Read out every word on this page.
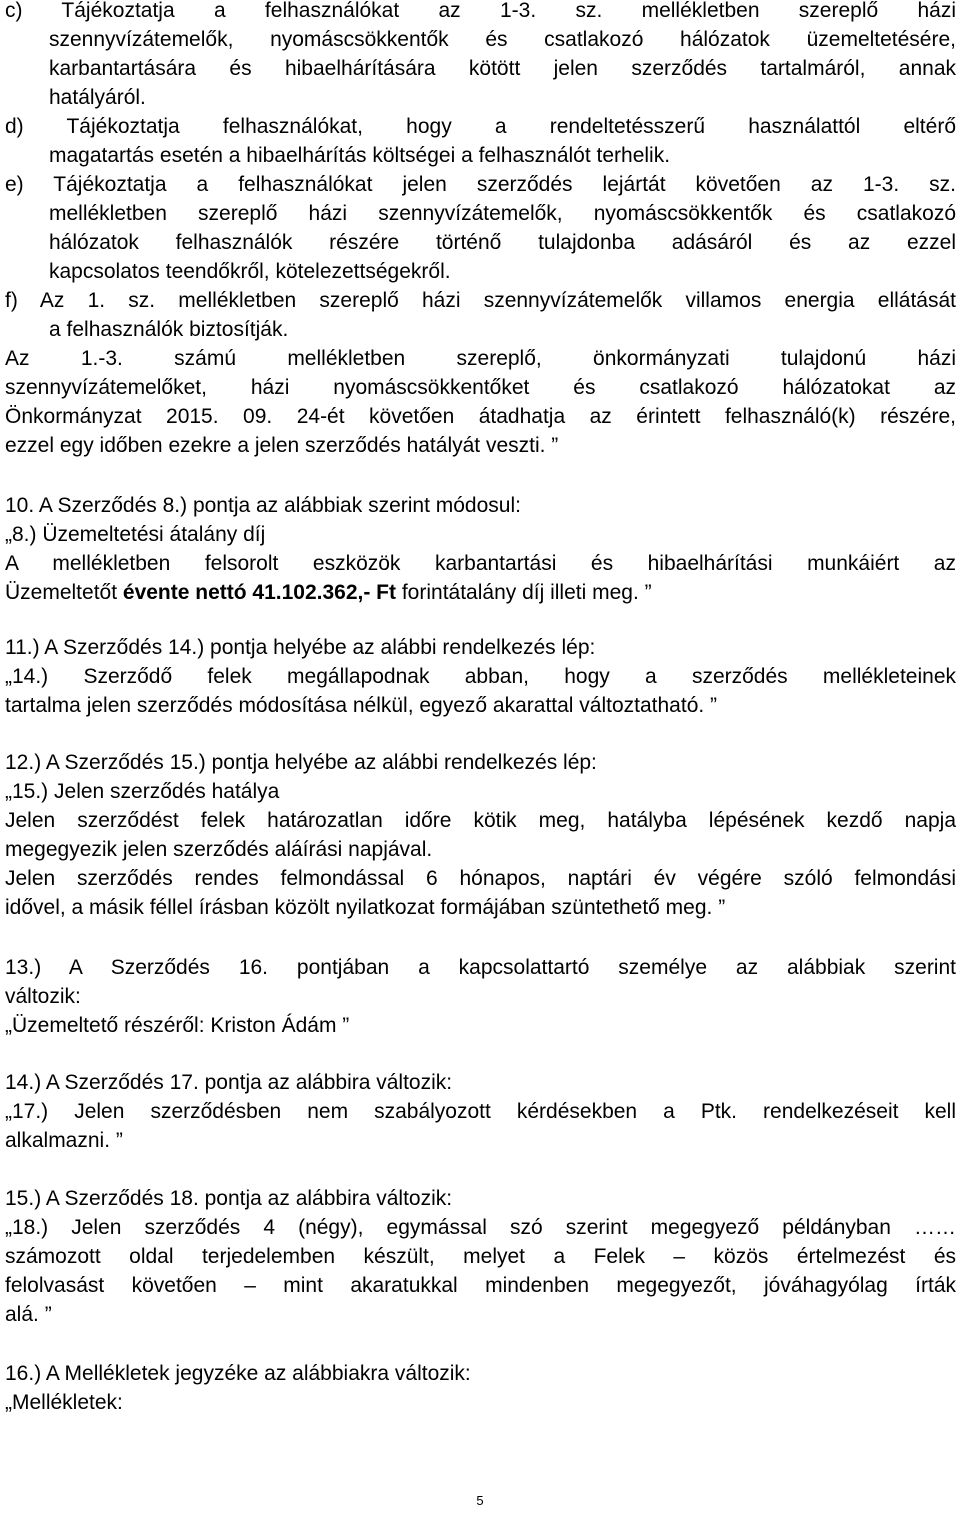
c) Tájékoztatja a felhasználókat az 1-3. sz. mellékletben szereplő házi
szennyvízátemelők, nyomáscsökkentők és csatlakozó hálózatok üzemeltetésére,
karbantartására és hibaelhárítására kötött jelen szerződés tartalmáról, annak
hatályáról.
d) Tájékoztatja felhasználókat, hogy a rendeltetésszerű használattól eltérő
magatartás esetén a hibaelhárítás költségei a felhasználót terhelik.
e) Tájékoztatja a felhasználókat jelen szerződés lejártát követően az 1-3. sz.
mellékletben szereplő házi szennyvízátemelők, nyomáscsökkentők és csatlakozó
hálózatok felhasználók részére történő tulajdonba adásáról és az ezzel
kapcsolatos teendőkről, kötelezettségekről.
f) Az 1. sz. mellékletben szereplő házi szennyvízátemelők villamos energia ellátását
a felhasználók biztosítják.
Az 1.-3. számú mellékletben szereplő, önkormányzati tulajdonú házi
szennyvízátemelőket, házi nyomáscsökkentőket és csatlakozó hálózatokat az
Önkormányzat 2015. 09. 24-ét követően átadhatja az érintett felhasználó(k) részére,
ezzel egy időben ezekre a jelen szerződés hatályát veszti. ”
10. A Szerződés 8.) pontja az alábbiak szerint módosul:
„8.) Üzemeltetési átalány díj
A mellékletben felsorolt eszközök karbantartási és hibaelhárítási munkáiért az
Üzemeltetőt évente nettó 41.102.362,- Ft forintátalány díj illeti meg. ”
11.) A Szerződés 14.) pontja helyébe az alábbi rendelkezés lép:
„14.) Szerződő felek megállapodnak abban, hogy a szerződés mellékleteinek
tartalma jelen szerződés módosítása nélkül, egyező akarattal változtatható. ”
12.) A Szerződés 15.) pontja helyébe az alábbi rendelkezés lép:
„15.) Jelen szerződés hatálya
Jelen szerződést felek határozatlan időre kötik meg, hatályba lépésének kezdő napja
megegyezik jelen szerződés aláírási napjával.
Jelen szerződés rendes felmondással 6 hónapos, naptári év végére szóló felmondási
idővel, a másik féllel írásban közölt nyilatkozat formájában szüntethető meg. ”
13.) A Szerződés 16. pontjában a kapcsolattartó személye az alábbiak szerint
változik:
„Üzemeltető részéről: Kriston Ádám ”
14.) A Szerződés 17. pontja az alábbira változik:
„17.) Jelen szerződésben nem szabályozott kérdésekben a Ptk. rendelkezéseit kell
alkalmazni. ”
15.) A Szerződés 18. pontja az alábbira változik:
„18.) Jelen szerződés 4 (négy), egymással szó szerint megegyező példányban ……
számozott oldal terjedelemben készült, melyet a Felek – közös értelmezést és
felolvasást követően – mint akaratukkal mindenben megegyezőt, jóváhagyólag írták
alá. ”
16.) A Mellékletek jegyzéke az alábbiakra változik:
„Mellékletek:
5
